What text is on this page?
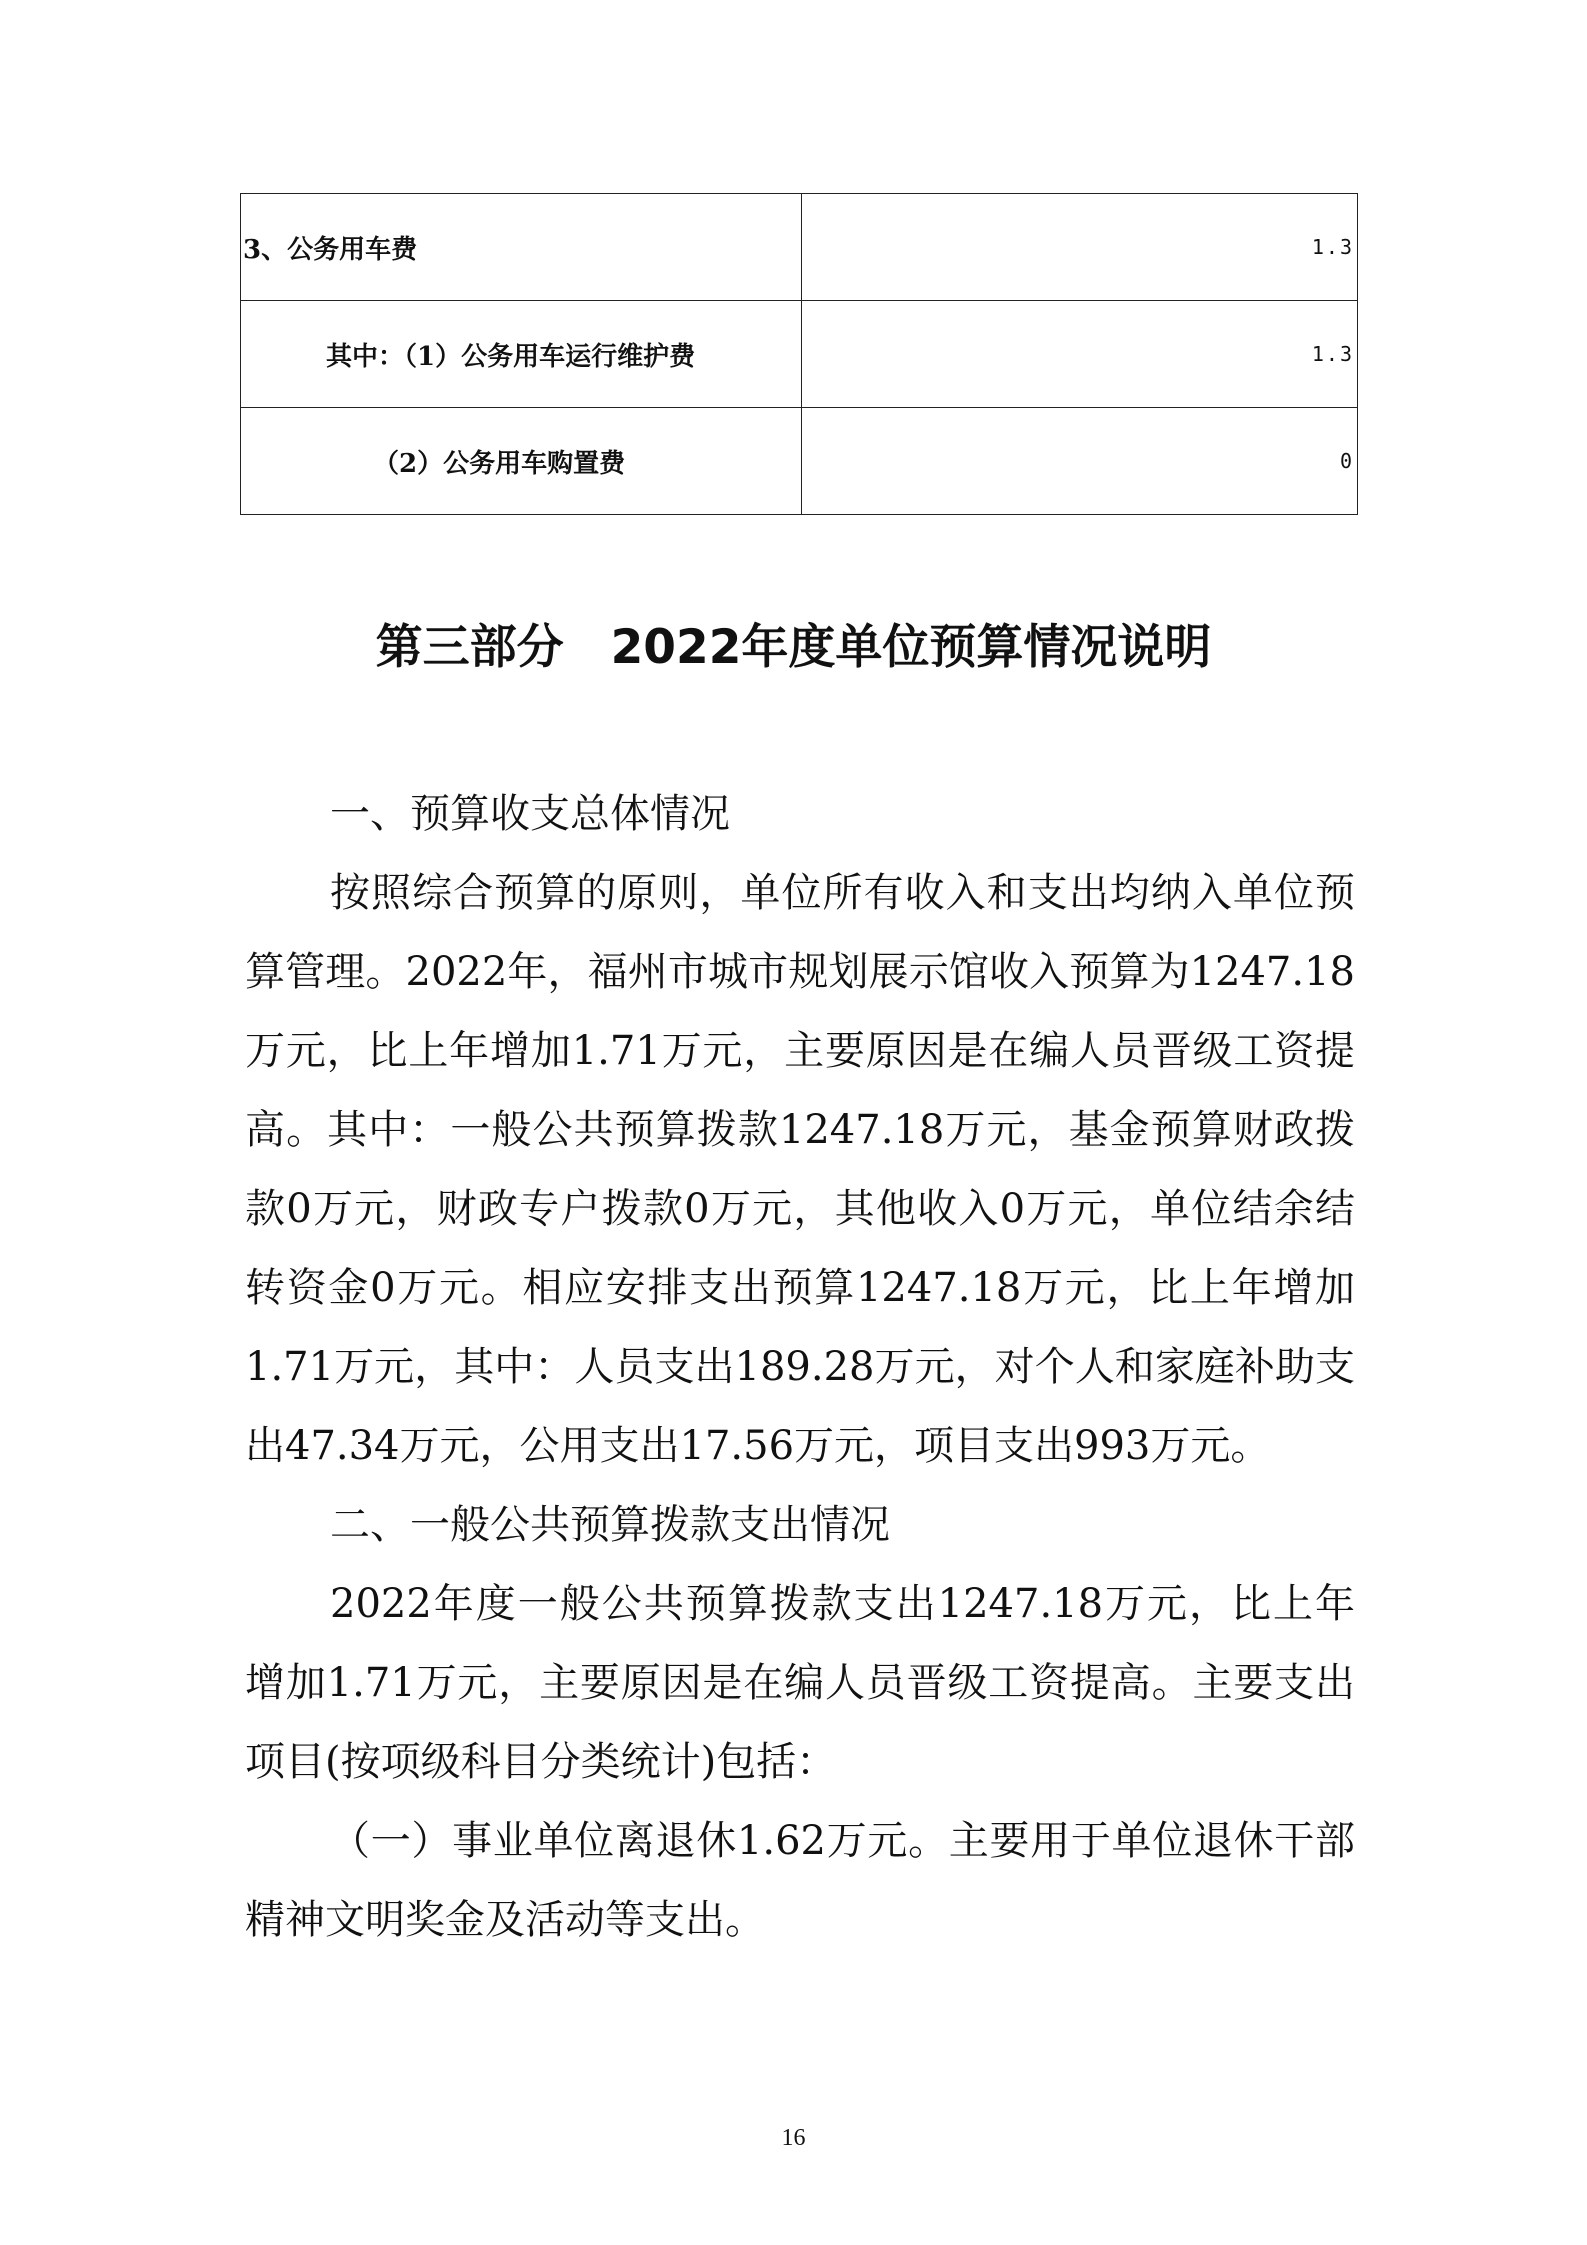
3、公务用车费	1.3
其中：（1）公务用车运行维护费	1.3
（2）公务用车购置费	0
第三部分　2022年度单位预算情况说明

一、预算收支总体情况

按照综合预算的原则，单位所有收入和支出均纳入单位预算管理。2022年，福州市城市规划展示馆收入预算为1247.18万元，比上年增加1.71万元，主要原因是在编人员晋级工资提高。其中：一般公共预算拨款1247.18万元，基金预算财政拨款0万元，财政专户拨款0万元，其他收入0万元，单位结余结转资金0万元。相应安排支出预算1247.18万元，比上年增加1.71万元，其中：人员支出189.28万元，对个人和家庭补助支出47.34万元，公用支出17.56万元，项目支出993万元。

二、一般公共预算拨款支出情况

2022年度一般公共预算拨款支出1247.18万元，比上年增加1.71万元，主要原因是在编人员晋级工资提高。主要支出项目(按项级科目分类统计)包括：

（一）事业单位离退休1.62万元。主要用于单位退休干部精神文明奖金及活动等支出。

16
